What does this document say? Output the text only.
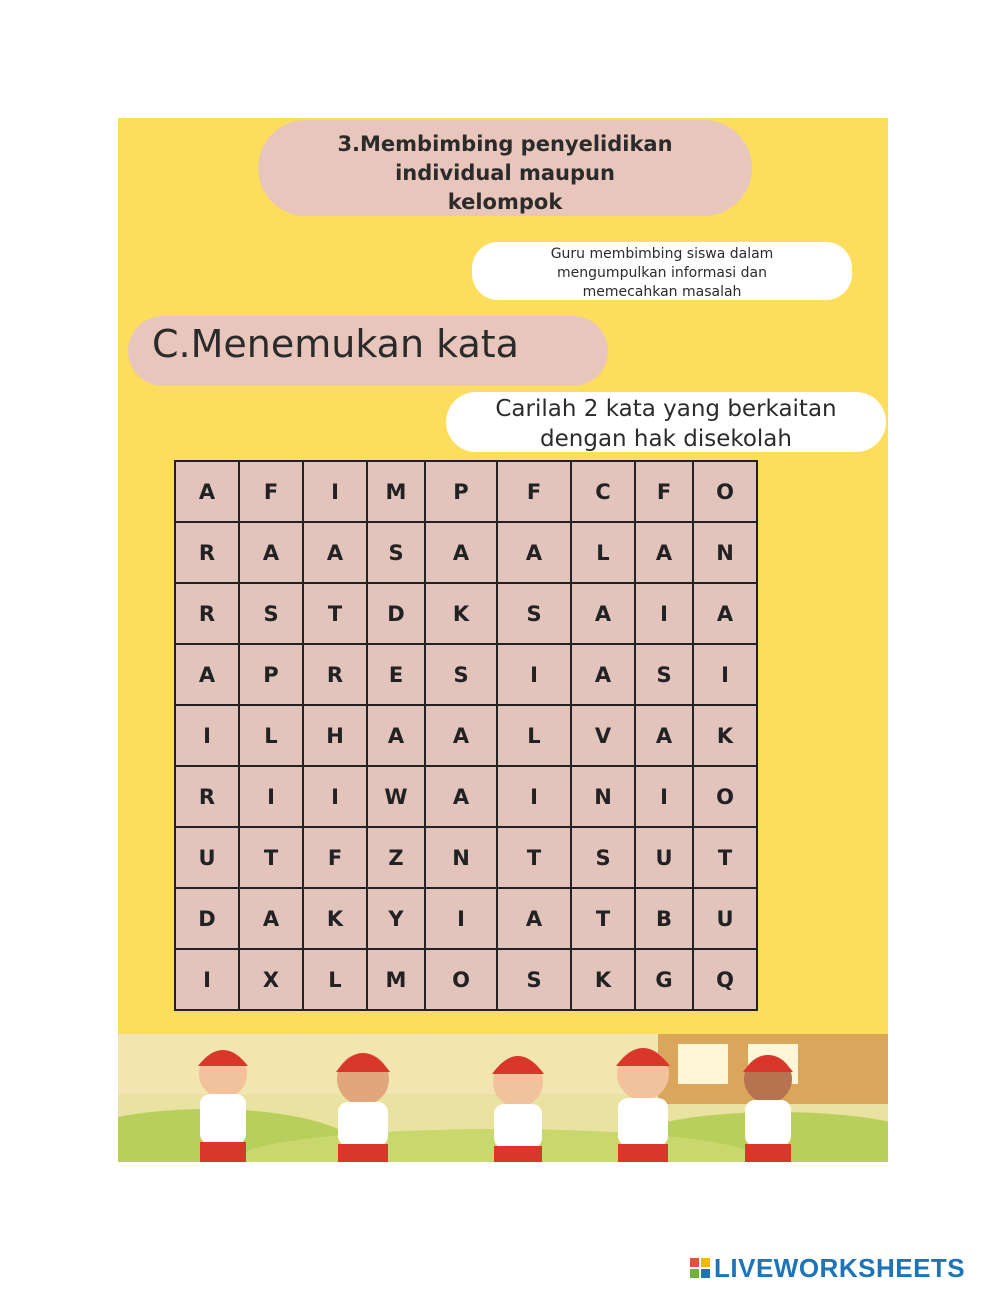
3.Membimbing penyelidikan
individual maupun
kelompok
Guru membimbing siswa dalam
mengumpulkan informasi dan
memecahkan masalah
C.Menemukan kata
Carilah 2 kata yang berkaitan
dengan hak disekolah
A	F	I	M	P	F	C	F	O
R	A	A	S	A	A	L	A	N
R	S	T	D	K	S	A	I	A
A	P	R	E	S	I	A	S	I
I	L	H	A	A	L	V	A	K
R	I	I	W	A	I	N	I	O
U	T	F	Z	N	T	S	U	T
D	A	K	Y	I	A	T	B	U
I	X	L	M	O	S	K	G	Q
LIVEWORKSHEETS
